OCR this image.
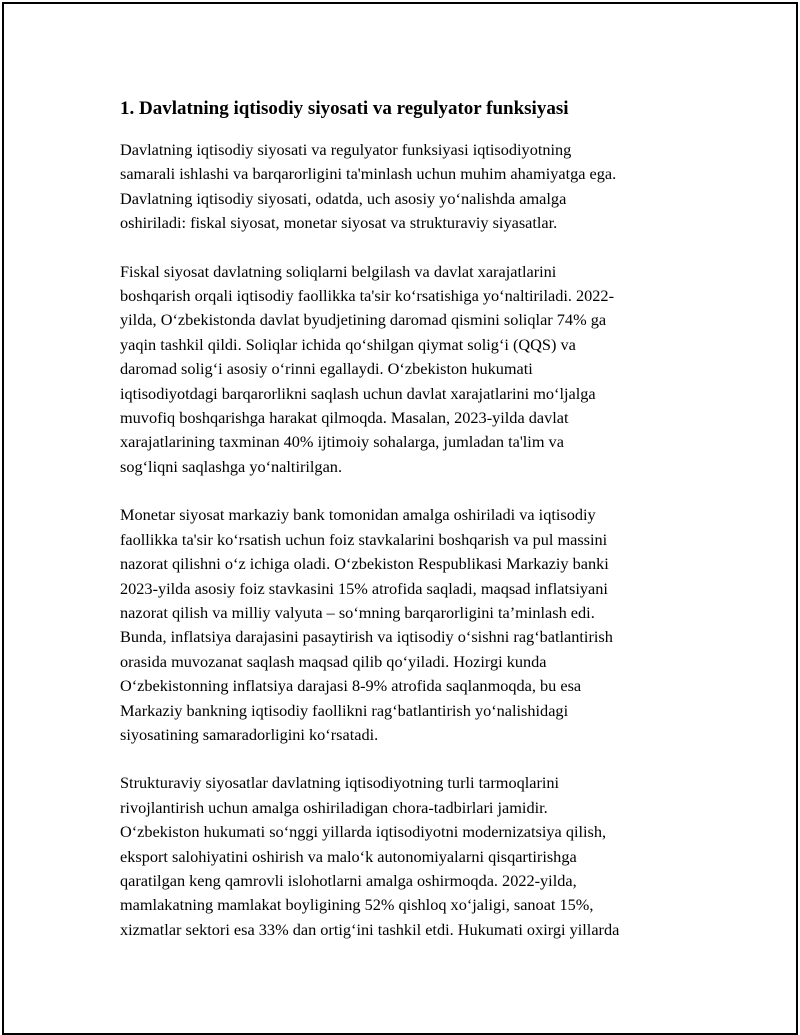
1. Davlatning iqtisodiy siyosati va regulyator funksiyasi

Davlatning iqtisodiy siyosati va regulyator funksiyasi iqtisodiyotning
samarali ishlashi va barqarorligini ta'minlash uchun muhim ahamiyatga ega.
Davlatning iqtisodiy siyosati, odatda, uch asosiy yo‘nalishda amalga
oshiriladi: fiskal siyosat, monetar siyosat va strukturaviy siyasatlar.

Fiskal siyosat davlatning soliqlarni belgilash va davlat xarajatlarini
boshqarish orqali iqtisodiy faollikka ta'sir ko‘rsatishiga yo‘naltiriladi. 2022-
yilda, O‘zbekistonda davlat byudjetining daromad qismini soliqlar 74% ga
yaqin tashkil qildi. Soliqlar ichida qo‘shilgan qiymat solig‘i (QQS) va
daromad solig‘i asosiy o‘rinni egallaydi. O‘zbekiston hukumati
iqtisodiyotdagi barqarorlikni saqlash uchun davlat xarajatlarini mo‘ljalga
muvofiq boshqarishga harakat qilmoqda. Masalan, 2023-yilda davlat
xarajatlarining taxminan 40% ijtimoiy sohalarga, jumladan ta'lim va
sog‘liqni saqlashga yo‘naltirilgan.

Monetar siyosat markaziy bank tomonidan amalga oshiriladi va iqtisodiy
faollikka ta'sir ko‘rsatish uchun foiz stavkalarini boshqarish va pul massini
nazorat qilishni o‘z ichiga oladi. O‘zbekiston Respublikasi Markaziy banki
2023-yilda asosiy foiz stavkasini 15% atrofida saqladi, maqsad inflatsiyani
nazorat qilish va milliy valyuta – so‘mning barqarorligini ta’minlash edi.
Bunda, inflatsiya darajasini pasaytirish va iqtisodiy o‘sishni rag‘batlantirish
orasida muvozanat saqlash maqsad qilib qo‘yiladi. Hozirgi kunda
O‘zbekistonning inflatsiya darajasi 8-9% atrofida saqlanmoqda, bu esa
Markaziy bankning iqtisodiy faollikni rag‘batlantirish yo‘nalishidagi
siyosatining samaradorligini ko‘rsatadi.

Strukturaviy siyosatlar davlatning iqtisodiyotning turli tarmoqlarini
rivojlantirish uchun amalga oshiriladigan chora-tadbirlari jamidir.
O‘zbekiston hukumati so‘nggi yillarda iqtisodiyotni modernizatsiya qilish,
eksport salohiyatini oshirish va malo‘k autonomiyalarni qisqartirishga
qaratilgan keng qamrovli islohotlarni amalga oshirmoqda. 2022-yilda,
mamlakatning mamlakat boyligining 52% qishloq xo‘jaligi, sanoat 15%,
xizmatlar sektori esa 33% dan ortig‘ini tashkil etdi. Hukumati oxirgi yillarda
